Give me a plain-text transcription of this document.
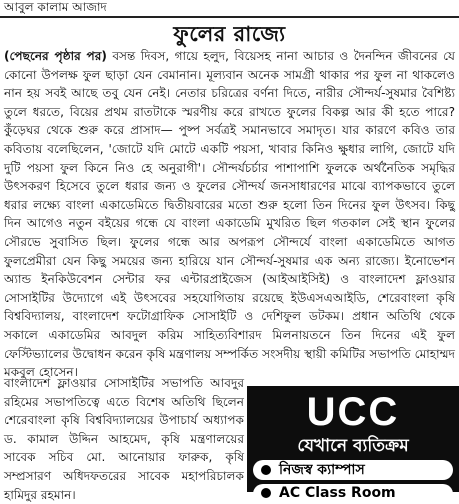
আবুল কালাম আজাদ
ফুলের রাজ্যে

(পেছনের পৃষ্ঠার পর) বসন্ত দিবস, গায়ে হলুদ, বিয়েসহ নানা আচার ও দৈনন্দিন জীবনের যে কোনো উপলক্ষ ফুল ছাড়া যেন বেমানান। মূল্যবান অনেক সামগ্রী থাকার পর ফুল না থাকলেও নান হয় সবই আছে তবু যেন নেই। নেতার চরিত্রের বর্ণনা দিতে, নারীর সৌন্দর্য-সুষমার বৈশিষ্ট্য তুলে ধরতে, বিয়ের প্রথম রাতটাকে স্মরণীয় করে রাখতে ফুলের বিকল্প আর কী হতে পারে? কুঁড়েঘর থেকে শুরু করে প্রাসাদ— পুষ্প সর্বত্রই সমানভাবে সমাদৃত। যার কারণে কবিও তার কবিতায় বলেছিলেন, 'জোটে যদি মোটে একটি পয়সা, খাবার কিনিও ক্ষুধার লাগি, জোটে যদি দুটি পয়সা ফুল কিনে নিও হে অনুরাগী'। সৌন্দর্যচর্চার পাশাপাশি ফুলকে অর্থনৈতিক সমৃদ্ধির উৎসকরণ হিসেবে তুলে ধরার জন্য ও ফুলের সৌন্দর্য জনসাধারণের মাঝে ব্যাপকভাবে তুলে ধরার লক্ষ্যে বাংলা একাডেমিতে দ্বিতীয়বারের মতো শুরু হলো তিন দিনের ফুল উৎসব। কিছু দিন আগেও নতুন বইয়ের গন্ধে যে বাংলা একাডেমি মুখরিত ছিল গতকাল সেই স্থান ফুলের সৌরভে সুবাসিত ছিল। ফুলের গন্ধে আর অপরূপ সৌন্দর্যে বাংলা একাডেমিতে আগত ফুলপ্রেমীরা যেন কিছু সময়ের জন্য হারিয়ে যান সৌন্দর্য-সুষমার এক অন্য রাজ্যে। ইনোভেশন অ্যান্ড ইনকিউবেশন সেন্টার ফর এন্টারপ্রাইজেস (আইআইসিই) ও বাংলাদেশ ফ্লাওয়ার সোসাইটির উদ্যোগে এই উৎসবের সহযোগিতায় রয়েছে ইউএসএআইডি, শেরেবাংলা কৃষি বিশ্ববিদ্যালয়, বাংলাদেশ ফটোগ্রাফিক সোসাইটি ও দেশিফুল ডটকম। প্রধান অতিথি থেকে সকালে একাডেমির আবদুল করিম সাহিত্যবিশারদ মিলনায়তনে তিন দিনের এই ফুল ফেস্টিভ্যালের উদ্বোধন করেন কৃষি মন্ত্রণালয় সম্পর্কিত সংসদীয় স্থায়ী কমিটির সভাপতি মোহাম্মদ মকবুল হোসেন।

বাংলাদেশ ফ্লাওয়ার সোসাইটির সভাপতি আবদুর রহিমের সভাপতিত্বে এতে বিশেষ অতিথি ছিলেন শেরেবাংলা কৃষি বিশ্ববিদ্যালয়ের উপাচার্য অধ্যাপক ড. কামাল উদ্দিন আহমেদ, কৃষি মন্ত্রণালয়ের সাবেক সচিব মো. আনোয়ার ফারুক, কৃষি সম্প্রসারণ অধিদফতরের সাবেক মহাপরিচালক হামিদুর রহমান।

UCC
যেখানে ব্যতিক্রম
নিজস্ব ক্যাম্পাস
AC Class Room
